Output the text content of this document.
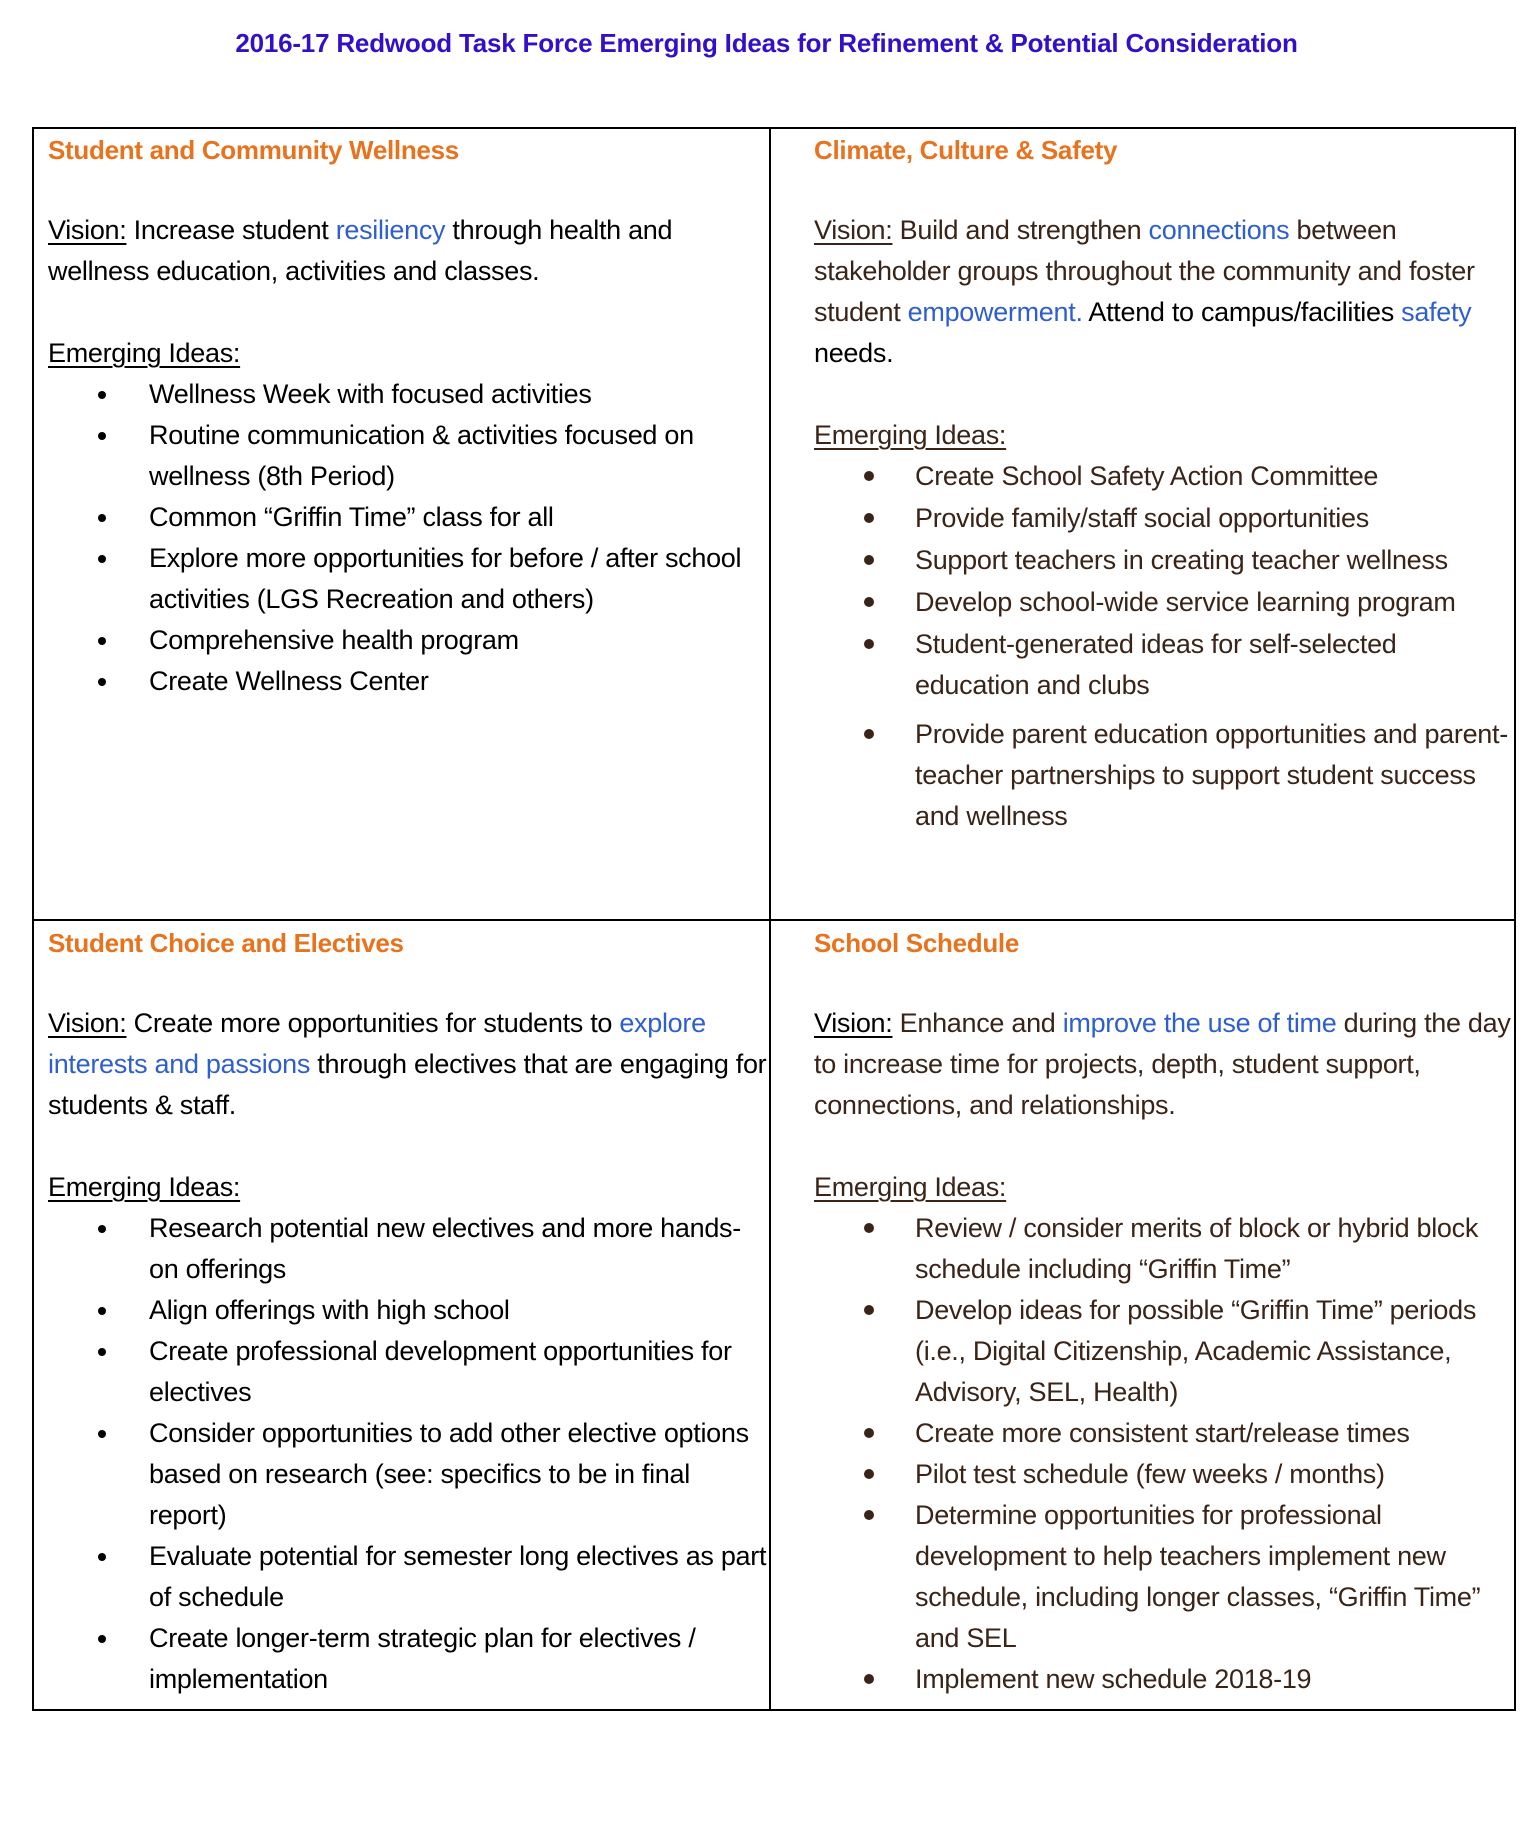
2016-17 Redwood Task Force Emerging Ideas for Refinement & Potential Consideration
Student and Community Wellness
Vision: Increase student resiliency through health and wellness education, activities and classes.
Emerging Ideas:
Wellness Week with focused activities
Routine communication & activities focused on wellness (8th Period)
Common “Griffin Time” class for all
Explore more opportunities for before / after school activities (LGS Recreation and others)
Comprehensive health program
Create Wellness Center
Climate, Culture & Safety
Vision: Build and strengthen connections between stakeholder groups throughout the community and foster student empowerment. Attend to campus/facilities safety needs.
Emerging Ideas:
Create School Safety Action Committee
Provide family/staff social opportunities
Support teachers in creating teacher wellness
Develop school-wide service learning program
Student-generated ideas for self-selected education and clubs
Provide parent education opportunities and parent-teacher partnerships to support student success and wellness
Student Choice and Electives
Vision: Create more opportunities for students to explore interests and passions through electives that are engaging for students & staff.
Emerging Ideas:
Research potential new electives and more hands-on offerings
Align offerings with high school
Create professional development opportunities for electives
Consider opportunities to add other elective options based on research (see: specifics to be in final report)
Evaluate potential for semester long electives as part of schedule
Create longer-term strategic plan for electives / implementation
School Schedule
Vision: Enhance and improve the use of time during the day to increase time for projects, depth, student support, connections, and relationships.
Emerging Ideas:
Review / consider merits of block or hybrid block schedule including “Griffin Time”
Develop ideas for possible “Griffin Time” periods (i.e., Digital Citizenship, Academic Assistance, Advisory, SEL, Health)
Create more consistent start/release times
Pilot test schedule (few weeks / months)
Determine opportunities for professional development to help teachers implement new schedule, including longer classes, “Griffin Time” and SEL
Implement new schedule 2018-19
